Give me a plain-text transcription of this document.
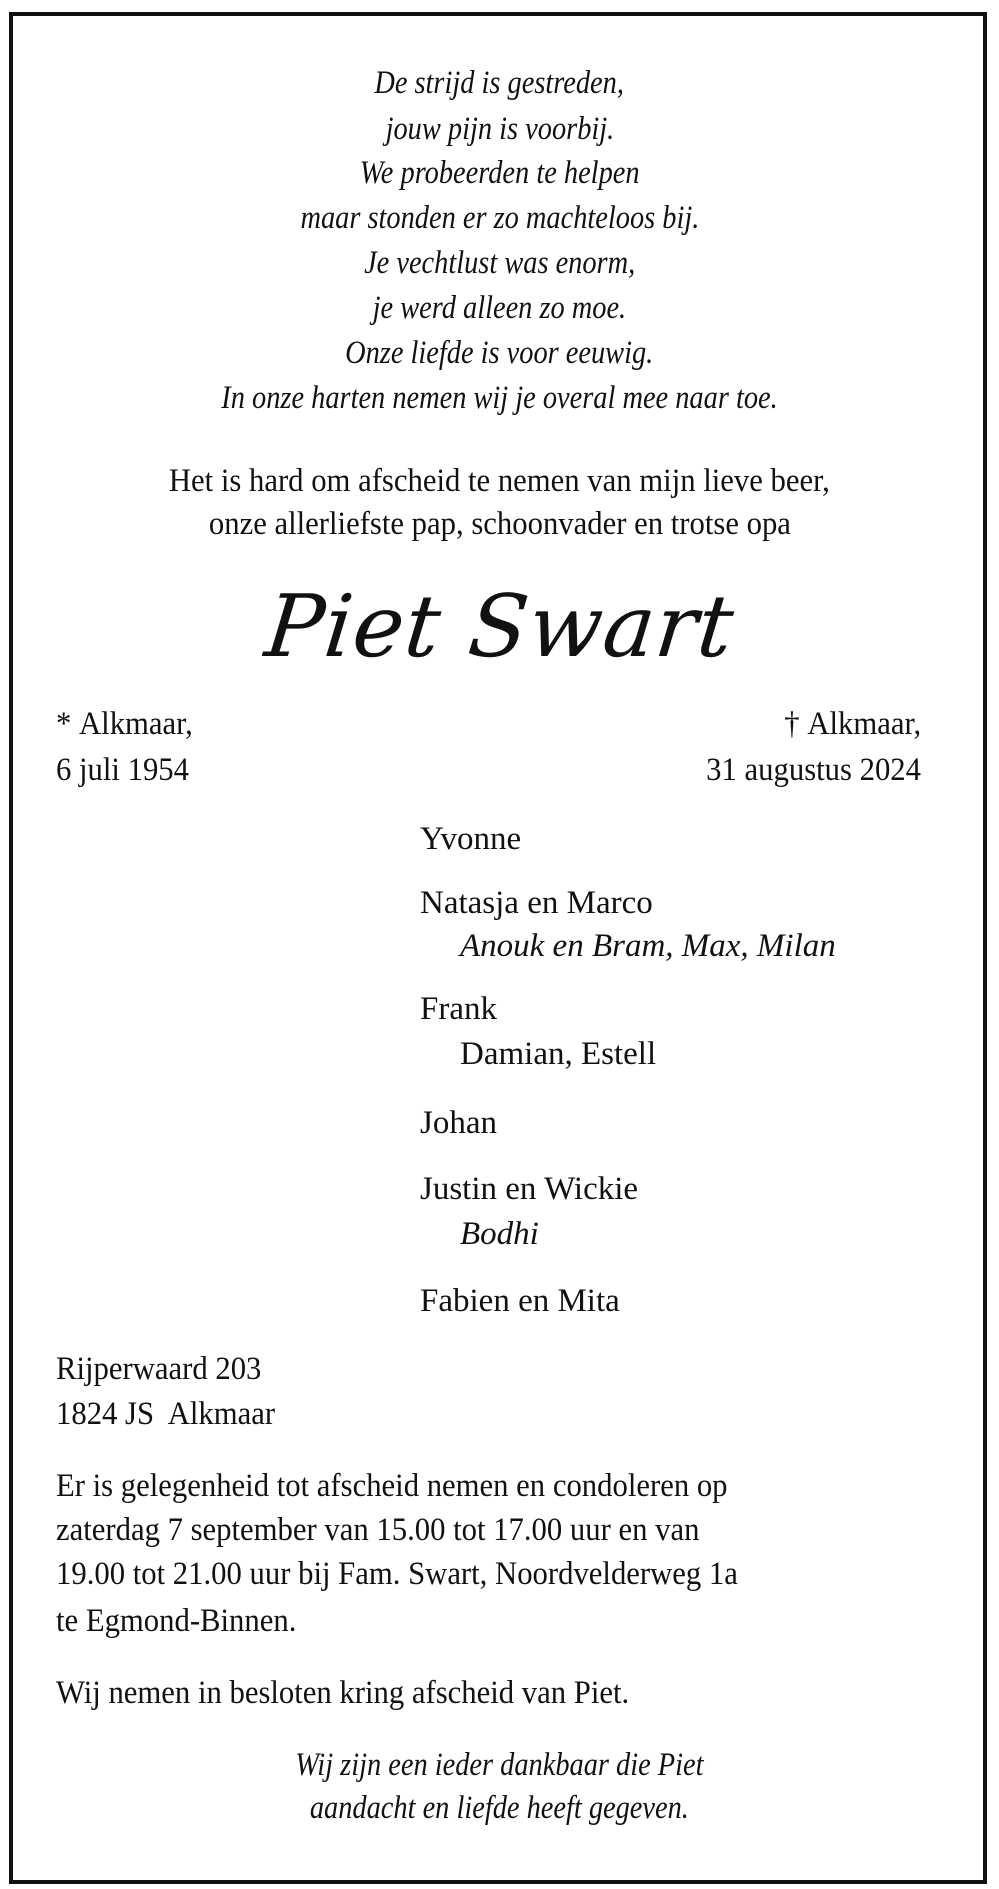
De strijd is gestreden,
jouw pijn is voorbij.
We probeerden te helpen
maar stonden er zo machteloos bij.
Je vechtlust was enorm,
je werd alleen zo moe.
Onze liefde is voor eeuwig.
In onze harten nemen wij je overal mee naar toe.
Het is hard om afscheid te nemen van mijn lieve beer,
onze allerliefste pap, schoonvader en trotse opa
Piet Swart
* Alkmaar,
6 juli 1954
† Alkmaar,
31 augustus 2024
Yvonne
Natasja en Marco
Anouk en Bram, Max, Milan
Frank
Damian, Estell
Johan
Justin en Wickie
Bodhi
Fabien en Mita
Rijperwaard 203
1824 JS  Alkmaar
Er is gelegenheid tot afscheid nemen en condoleren op
zaterdag 7 september van 15.00 tot 17.00 uur en van
19.00 tot 21.00 uur bij Fam. Swart, Noordvelderweg 1a
te Egmond-Binnen.
Wij nemen in besloten kring afscheid van Piet.
Wij zijn een ieder dankbaar die Piet
aandacht en liefde heeft gegeven.
